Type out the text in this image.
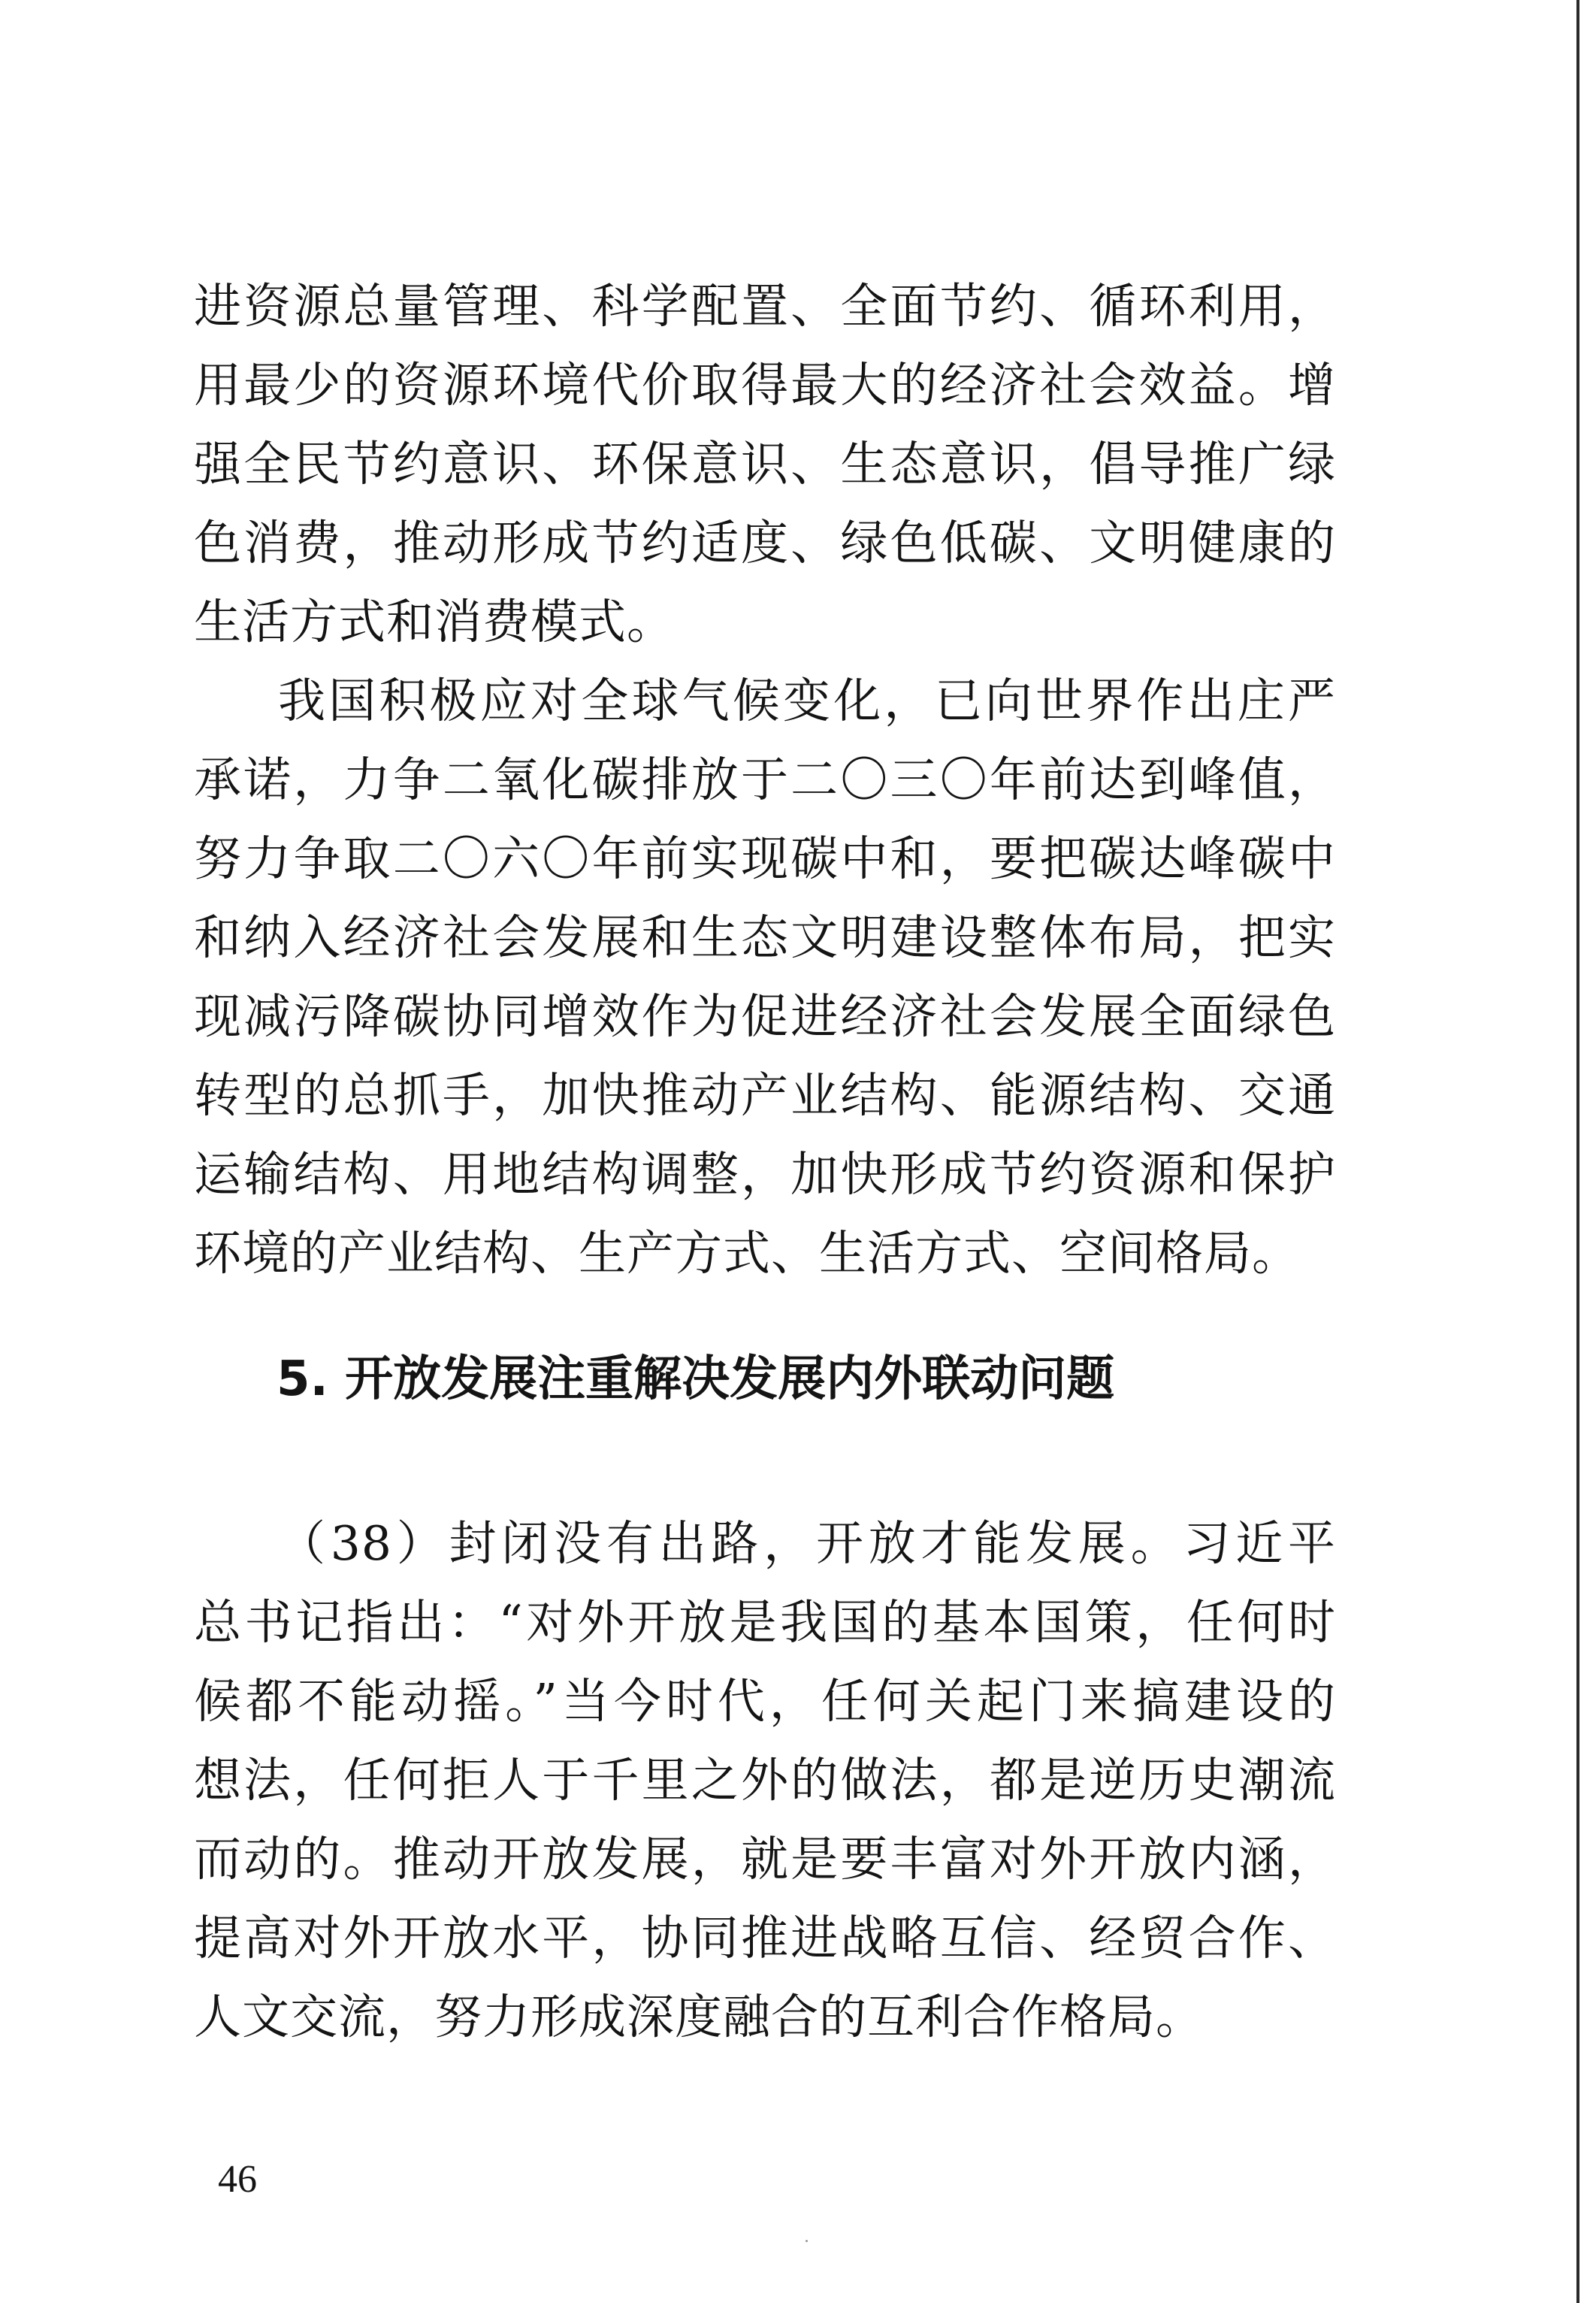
进资源总量管理、科学配置、全面节约、循环利用，
用最少的资源环境代价取得最大的经济社会效益。增
强全民节约意识、环保意识、生态意识，倡导推广绿
色消费，推动形成节约适度、绿色低碳、文明健康的
生活方式和消费模式。
我国积极应对全球气候变化，已向世界作出庄严
承诺，力争二氧化碳排放于二〇三〇年前达到峰值，
努力争取二〇六〇年前实现碳中和，要把碳达峰碳中
和纳入经济社会发展和生态文明建设整体布局，把实
现减污降碳协同增效作为促进经济社会发展全面绿色
转型的总抓手，加快推动产业结构、能源结构、交通
运输结构、用地结构调整，加快形成节约资源和保护
环境的产业结构、生产方式、生活方式、空间格局。
5. 开放发展注重解决发展内外联动问题
（38）封闭没有出路，开放才能发展。习近平
总书记指出：“对外开放是我国的基本国策，任何时
候都不能动摇。”当今时代，任何关起门来搞建设的
想法，任何拒人于千里之外的做法，都是逆历史潮流
而动的。推动开放发展，就是要丰富对外开放内涵，
提高对外开放水平，协同推进战略互信、经贸合作、
人文交流，努力形成深度融合的互利合作格局。
46
